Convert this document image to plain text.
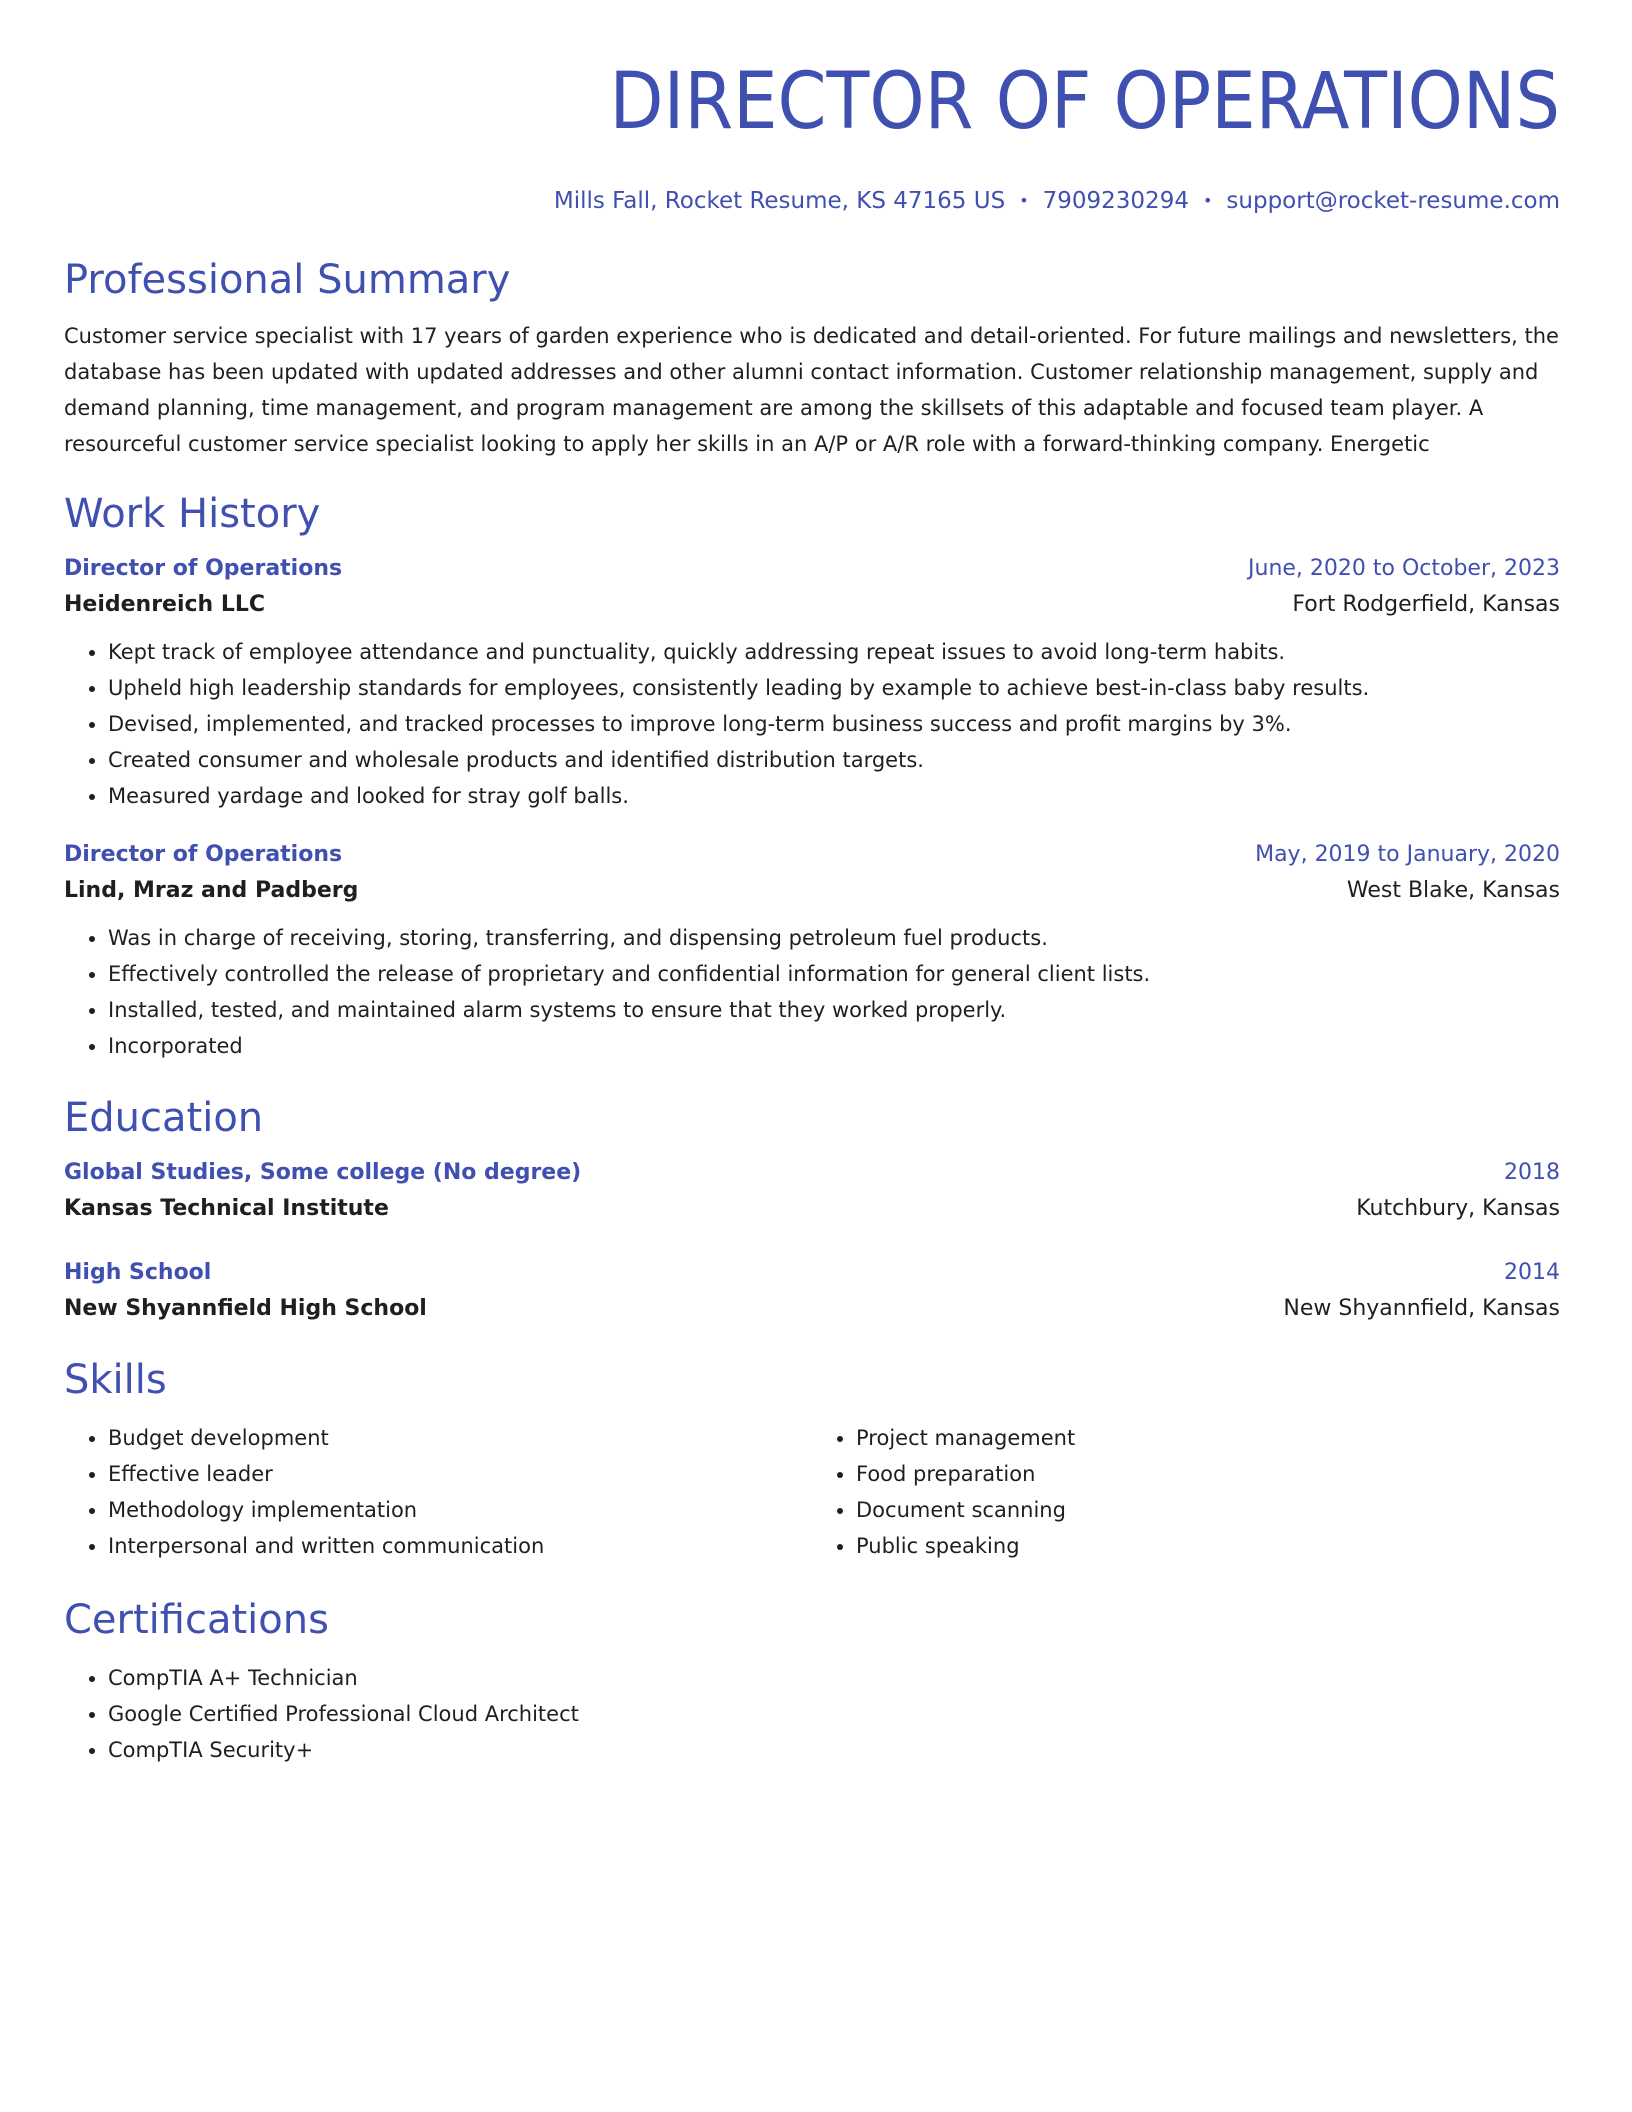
DIRECTOR OF OPERATIONS
Mills Fall, Rocket Resume, KS 47165 US • 7909230294 • support@rocket-resume.com
Professional Summary
Customer service specialist with 17 years of garden experience who is dedicated and detail-oriented. For future mailings and newsletters, the database has been updated with updated addresses and other alumni contact information. Customer relationship management, supply and demand planning, time management, and program management are among the skillsets of this adaptable and focused team player. A resourceful customer service specialist looking to apply her skills in an A/P or A/R role with a forward-thinking company. Energetic
Work History
Director of Operations	June, 2020 to October, 2023
Heidenreich LLC	Fort Rodgerfield, Kansas
• Kept track of employee attendance and punctuality, quickly addressing repeat issues to avoid long-term habits.
• Upheld high leadership standards for employees, consistently leading by example to achieve best-in-class baby results.
• Devised, implemented, and tracked processes to improve long-term business success and profit margins by 3%.
• Created consumer and wholesale products and identified distribution targets.
• Measured yardage and looked for stray golf balls.
Director of Operations	May, 2019 to January, 2020
Lind, Mraz and Padberg	West Blake, Kansas
• Was in charge of receiving, storing, transferring, and dispensing petroleum fuel products.
• Effectively controlled the release of proprietary and confidential information for general client lists.
• Installed, tested, and maintained alarm systems to ensure that they worked properly.
• Incorporated
Education
Global Studies, Some college (No degree)	2018
Kansas Technical Institute	Kutchbury, Kansas
High School	2014
New Shyannfield High School	New Shyannfield, Kansas
Skills
• Budget development
• Effective leader
• Methodology implementation
• Interpersonal and written communication
• Project management
• Food preparation
• Document scanning
• Public speaking
Certifications
• CompTIA A+ Technician
• Google Certified Professional Cloud Architect
• CompTIA Security+
